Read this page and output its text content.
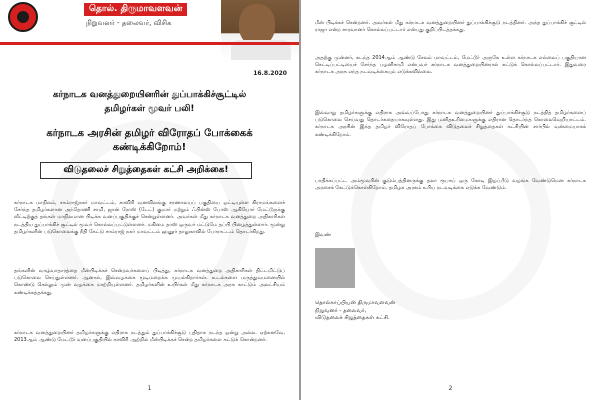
தொல். திருமாவளவன்
நிறுவனர் - தலைவர், விசிக
16.8.2020
கர்நாடக வனத்துறையினரின் துப்பாக்கிச்சூட்டில்
தமிழர்கள் மூவர் பலி!
கர்நாடக அரசின் தமிழர் விரோதப் போக்கைக்
கண்டிக்கிறோம்!
விடுதலைச் சிறுத்தைகள் கட்சி அறிக்கை!
கர்நாடக மாநிலம், சாம்ராஜ்நகர் மாவட்டம், காவிரி வனவிலங்கு சரணாலயப் பகுதியை ஒட்டியுள்ள கிராமங்களைச் சேர்ந்த தமிழர்களான அந்தோணி சாமி, ஜான் ரோஸ் (டேட்) குமார் மற்றும் ஃபின்ஸ் போஸ் ஆகியோர் மேட்டூருக்கு வீட்டிற்குத் தங்கள் மாநிலமான பிடிக்க வனப்பகுதிக்குச் சென்றுள்ளனர். அவர்கள் மீது கர்நாடக வனத்துறை அதிகாரிகள் நடத்திய துப்பாக்கிச் சூட்டில் மூவர் கொல்லப்பட்டுள்ளனர். மகிமை தாஸ் ஒருவர் மட்டுமே தப்பி பிழைத்துள்ளார். மூன்று தமிழர்களின் படுகொலைக்கு நீதி கேட்டு சாம்ராஜ் நகர் மாவட்டம் ஹனூர் தாலுகாவில் போராட்டம் தொடர்கிறது.
தங்களின் வாழ்வாதாரத்தை மீன்பிடிக்கச் சென்றவர்களைப் பிடித்து, கர்நாடக வனத்துறை அதிகாரிகள் திட்டமிட்டுப் படுகொலை செய்துள்ளனர். ஆனால், இவ்வழக்கை மூடிமறைக்க முயல்கிறார்கள். உடல்களை மருத்துவமனையில் கொண்டு செல்லும் முன் வழக்கை மாற்றியுள்ளனர். தமிழர்களின் உயிர்கள் மீது கர்நாடக அரசு காட்டும் அலட்சியம் கண்டிக்கத்தக்கது.
கர்நாடக வனத்துறையினர் தமிழர்களுக்கு எதிராக நடத்தும் துப்பாக்கிச்சூடு புதிதாக நடந்த ஒன்று அல்ல. ஏற்கனவே, 2013ஆம் ஆண்டு மேட்டூர் வனப்பகுதியில் காவிரி ஆற்றில் மீன்பிடிக்கச் சென்ற தமிழர்களை சுட்டுக் கொன்றனர்.
1
மீன் பிடிக்கச் சென்றனர். அவர்கள் மீது கர்நாடக வனத்துறையினர் துப்பாக்கிச்சூடு நடத்தினர். அந்த துப்பாக்கிச் சூட்டில் ராஜா என்ற சாரவானர் கொல்லப்பட்டார் என்பது குறிப்பிடத்தக்கது.
அதற்கு முன்னர், கடந்த 2014ஆம் ஆண்டு சேலம் மாவட்டம், மேட்டூர் அருகே உள்ள கர்நாடக எல்லைப் பகுதியான செட்டிப்பட்டியைச் சேர்ந்த பழனிசாமி என்பவர் கர்நாடக வனத்துறையினரால் சுட்டுக் கொல்லப்பட்டார். இதுவரை கர்நாடக அரசு எந்த நடவடிக்கையும் எடுக்கவில்லை.
இவ்வாறு தமிழர்களுக்கு எதிராக அவ்வப்போது கர்நாடக வனத்துறையினர் துப்பாக்கிச்சூடு நடத்தித் தமிழர்களைப் படுகொலை செய்வது தொடர்கதையாகவுள்ளது. இது மனிதஉரிமைகளுக்கு எதிரான தொடர்ந்த கொலைவெறியாட்டம். கர்நாடக அரசின் இந்த தமிழர் விரோதப் போக்கை விடுதலைச் சிறுத்தைகள் கட்சியின் சார்பில் வன்மையாகக் கண்டிக்கிறோம்.
பாதிக்கப்பட்ட அம்மூவரின் குடும்பத்தினருக்கு தலா ரூபாய் ஒரு கோடி இழப்பீடு வழங்க வேண்டுமென கர்நாடக அரசைக் கேட்டுக்கொள்கிறோம். தமிழக அரசும் உரிய நடவடிக்கை எடுக்க வேண்டும்.
இவண்
தொல்காப்பியன் திருமாவளவன்
நிறுவனர் - தலைவர்,
விடுதலைச் சிறுத்தைகள் கட்சி.
2
